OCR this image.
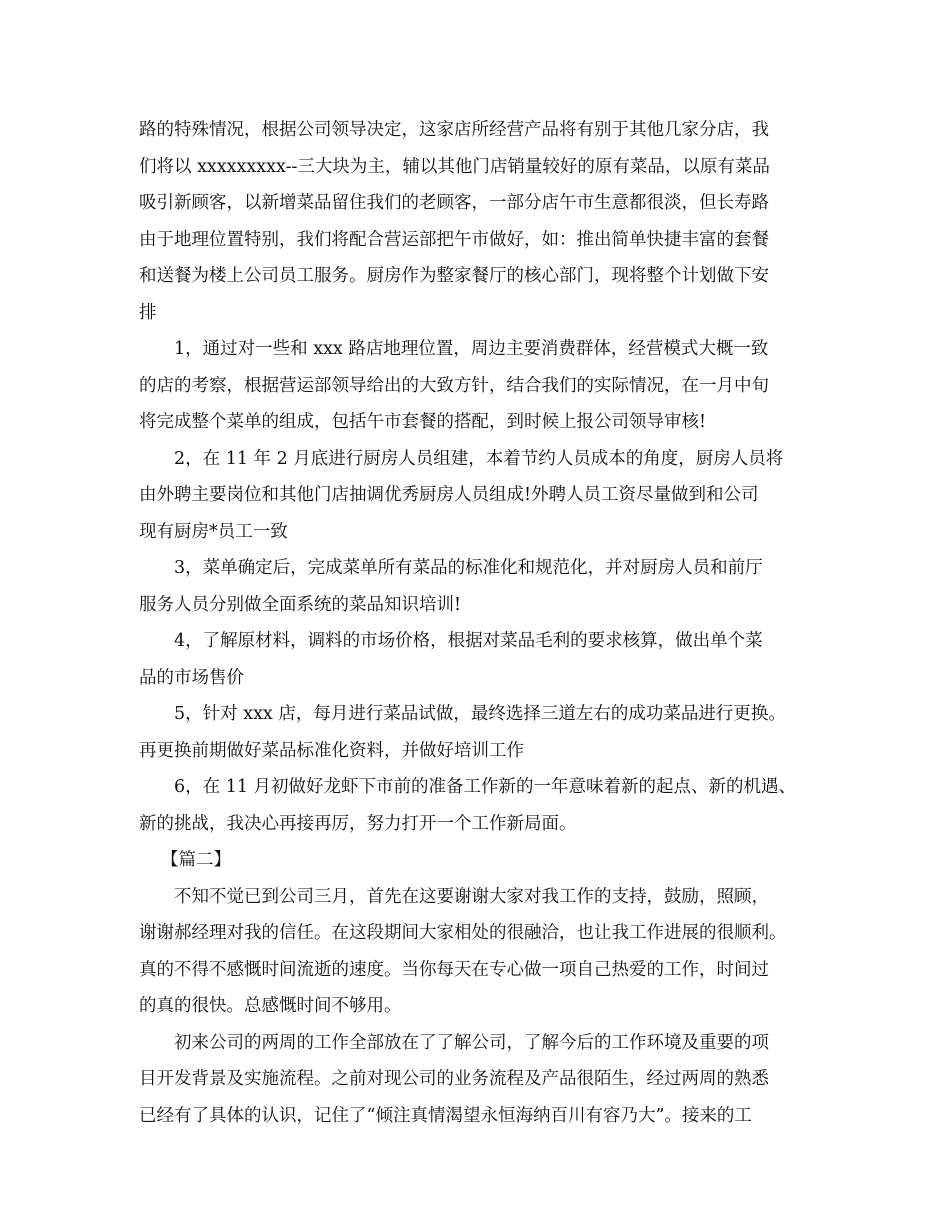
路的特殊情况，根据公司领导决定，这家店所经营产品将有别于其他几家分店，我
们将以 xxxxxxxxx--三大块为主，辅以其他门店销量较好的原有菜品，以原有菜品
吸引新顾客，以新增菜品留住我们的老顾客，一部分店午市生意都很淡，但长寿路
由于地理位置特别，我们将配合营运部把午市做好，如：推出简单快捷丰富的套餐
和送餐为楼上公司员工服务。厨房作为整家餐厅的核心部门，现将整个计划做下安
排
1，通过对一些和 xxx 路店地理位置，周边主要消费群体，经营模式大概一致
的店的考察，根据营运部领导给出的大致方针，结合我们的实际情况，在一月中旬
将完成整个菜单的组成，包括午市套餐的搭配，到时候上报公司领导审核!
2，在 11 年 2 月底进行厨房人员组建，本着节约人员成本的角度，厨房人员将
由外聘主要岗位和其他门店抽调优秀厨房人员组成!外聘人员工资尽量做到和公司
现有厨房*员工一致
3，菜单确定后，完成菜单所有菜品的标准化和规范化，并对厨房人员和前厅
服务人员分别做全面系统的菜品知识培训!
4，了解原材料，调料的市场价格，根据对菜品毛利的要求核算，做出单个菜
品的市场售价
5，针对 xxx 店，每月进行菜品试做，最终选择三道左右的成功菜品进行更换。
再更换前期做好菜品标准化资料，并做好培训工作
6，在 11 月初做好龙虾下市前的准备工作新的一年意味着新的起点、新的机遇、
新的挑战，我决心再接再厉，努力打开一个工作新局面。
【篇二】
不知不觉已到公司三月，首先在这要谢谢大家对我工作的支持，鼓励，照顾，
谢谢郝经理对我的信任。在这段期间大家相处的很融洽，也让我工作进展的很顺利。
真的不得不感慨时间流逝的速度。当你每天在专心做一项自己热爱的工作，时间过
的真的很快。总感慨时间不够用。
初来公司的两周的工作全部放在了了解公司，了解今后的工作环境及重要的项
目开发背景及实施流程。之前对现公司的业务流程及产品很陌生，经过两周的熟悉
已经有了具体的认识，记住了“倾注真情渴望永恒海纳百川有容乃大”。接来的工
